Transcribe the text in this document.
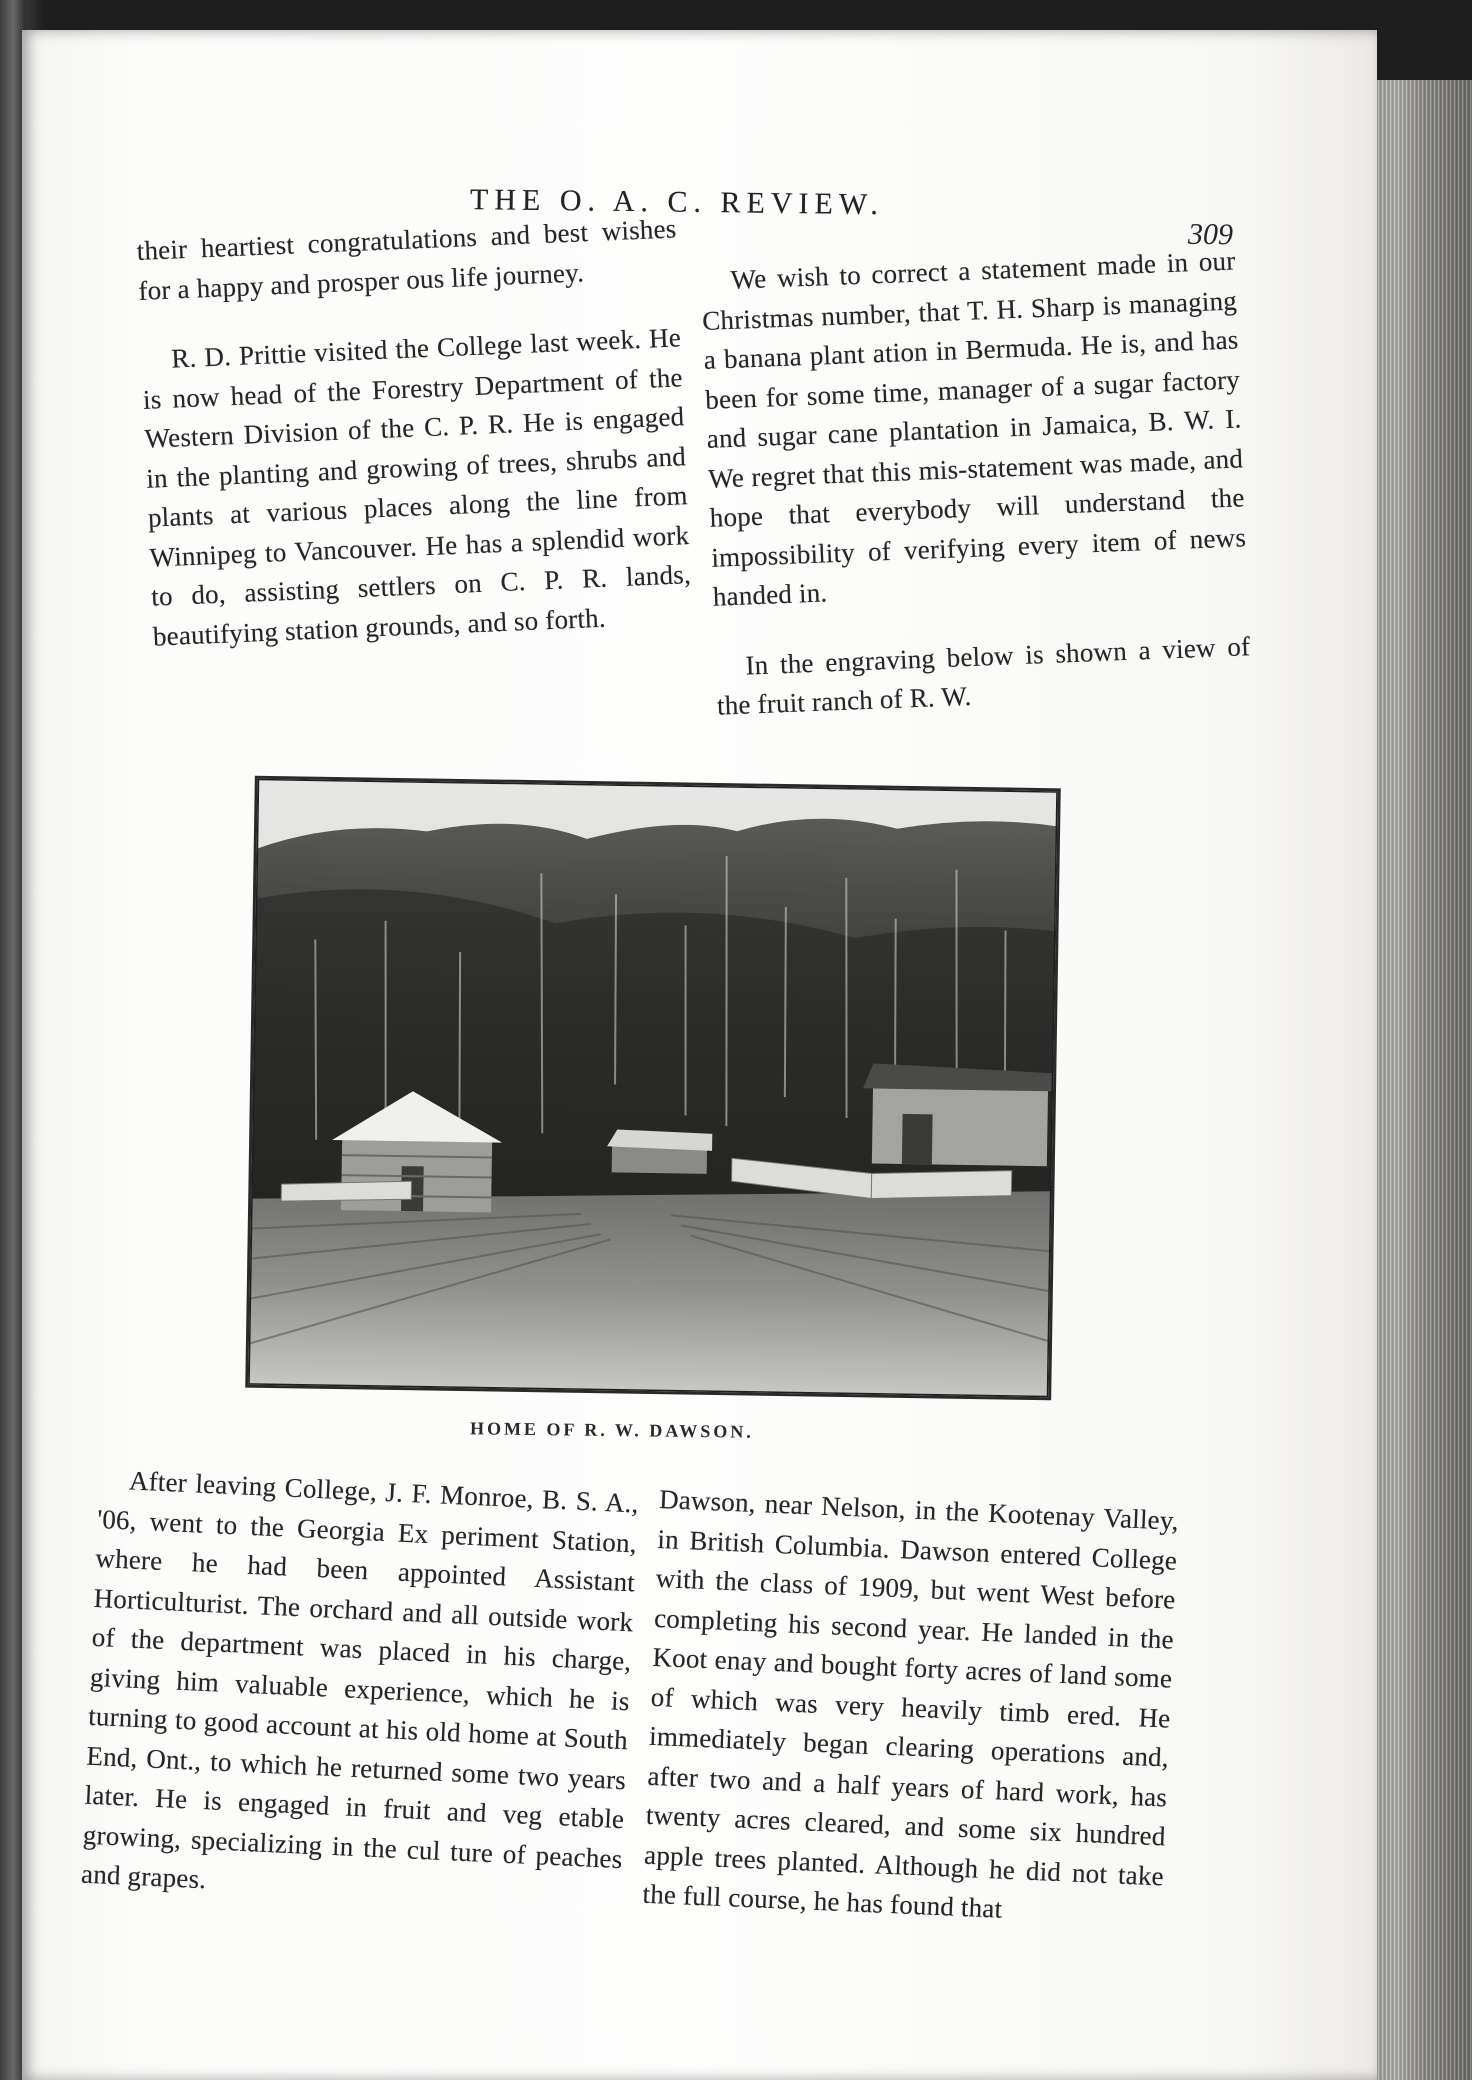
THE O. A. C. REVIEW.
309

their heartiest congratulations and best wishes for a happy and prosper ous life journey.

R. D. Prittie visited the College last week. He is now head of the Forestry Department of the Western Division of the C. P. R. He is engaged in the planting and growing of trees, shrubs and plants at various places along the line from Winnipeg to Vancouver. He has a splendid work to do, assisting settlers on C. P. R. lands, beautifying station grounds, and so forth.

We wish to correct a statement made in our Christmas number, that T. H. Sharp is managing a banana plant ation in Bermuda. He is, and has been for some time, manager of a sugar factory and sugar cane plantation in Jamaica, B. W. I. We regret that this mis-statement was made, and hope that everybody will understand the impossibility of verifying every item of news handed in.

In the engraving below is shown a view of the fruit ranch of R. W.

HOME OF R. W. DAWSON.

After leaving College, J. F. Monroe, B. S. A., '06, went to the Georgia Ex periment Station, where he had been appointed Assistant Horticulturist. The orchard and all outside work of the department was placed in his charge, giving him valuable experience, which he is turning to good account at his old home at South End, Ont., to which he returned some two years later. He is engaged in fruit and veg etable growing, specializing in the cul ture of peaches and grapes.

Dawson, near Nelson, in the Kootenay Valley, in British Columbia. Dawson entered College with the class of 1909, but went West before completing his second year. He landed in the Koot enay and bought forty acres of land some of which was very heavily timb ered. He immediately began clearing operations and, after two and a half years of hard work, has twenty acres cleared, and some six hundred apple trees planted. Although he did not take the full course, he has found that
